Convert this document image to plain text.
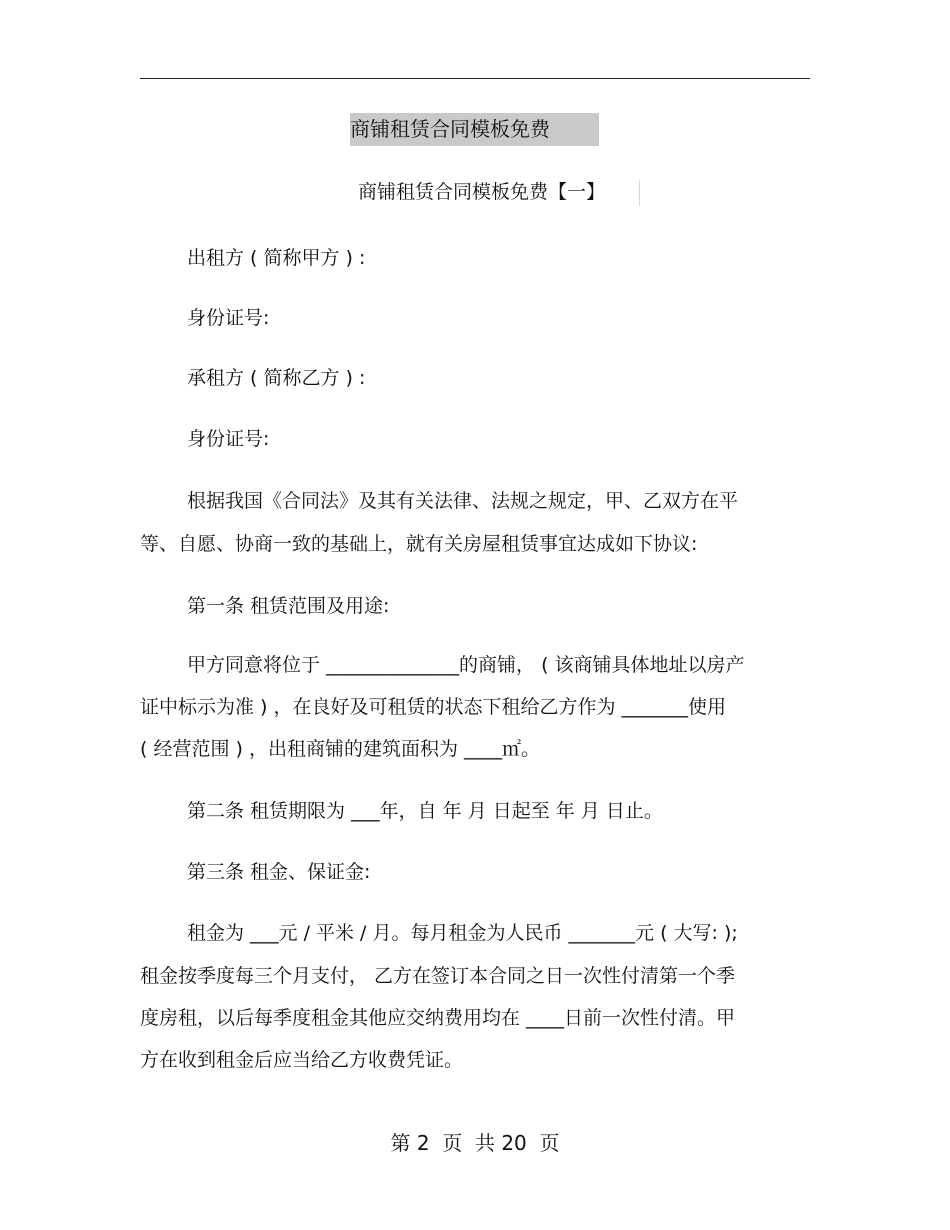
商铺租赁合同模板免费
商铺租赁合同模板免费【一】
出租方 ( 简称甲方 ) :
身份证号:
承租方 ( 简称乙方 ) :
身份证号:
根据我国《合同法》及其有关法律、法规之规定，甲、乙双方在平
等、自愿、协商一致的基础上，就有关房屋租赁事宜达成如下协议:
第一条 租赁范围及用途:
甲方同意将位于 ______________的商铺， ( 该商铺具体地址以房产
证中标示为准 ) ，在良好及可租赁的状态下租给乙方作为 _______使用
( 经营范围 ) ，出租商铺的建筑面积为 ____㎡。
第二条 租赁期限为 ___年，自 年 月 日起至 年 月 日止。
第三条 租金、保证金:
租金为 ___元 / 平米 / 月。每月租金为人民币 _______元 ( 大写: );
租金按季度每三个月支付， 乙方在签订本合同之日一次性付清第一个季
度房租，以后每季度租金其他应交纳费用均在 ____日前一次性付清。甲
方在收到租金后应当给乙方收费凭证。
第 2  页  共 20  页
